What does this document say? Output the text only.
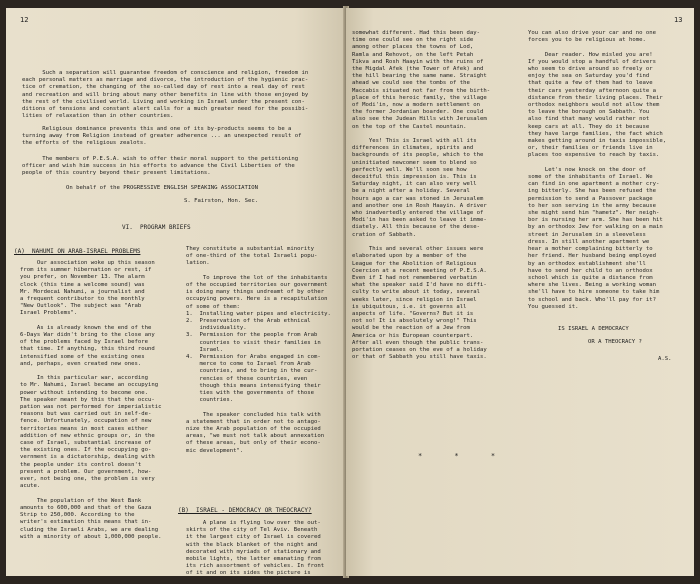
12
Such a separation will guarantee freedom of conscience and religion, freedom in
each personal matters as marriage and divorce, the introduction of the hygienic prac-
tice of cremation, the changing of the so-called day of rest into a real day of rest
and recreation and will bring about many other benefits in line with those enjoyed by
the rest of the civilised world. Living and working in Israel under the present con-
ditions of tensions and constant alert calls for a much greater need for the possibi-
lities of relaxation than in other countries.
Religious dominance prevents this and one of its by-products seems to be a
turning away from Religion instead of greater adherence ... an unexpected result of
the efforts of the religious zealots.
The members of P.E.S.A. wish to offer their moral support to the petitioning
officer and wish him success in his efforts to advance the Civil Liberties of the
people of this country beyond their present limitations.
On behalf of the PROGRESSIVE ENGLISH SPEAKING ASSOCIATION
S. Fairston, Hon. Sec.
VI.  PROGRAM BRIEFS
(A)  NAHUMI ON ARAB-ISRAEL PROBLEMS
Our association woke up this season
from its summer hibernation or rest, if
you prefer, on November 13. The alarm
clock (this time a welcome sound) was
Mr. Mordecai Nahumi, a journalist and
a frequent contributor to the monthly
"New Outlook". The subject was "Arab
Israel Problems".

As is already known the end of the
6-Days War didn't bring to the close any
of the problems faced by Israel before
that time. If anything, this third round
intensified some of the existing ones
and, perhaps, even created new ones.

In this particular war, according
to Mr. Nahumi, Israel became an occupying
power without intending to become one.
The speaker meant by this that the occu-
pation was not performed for imperialistic
reasons but was carried out in self-de-
fence. Unfortunately, occupation of new
territories means in most cases either
addition of new ethnic groups or, in the
case of Israel, substantial increase of
the existing ones. If the occupying go-
vernment is a dictatorship, dealing with
the people under its control doesn't
present a problem. Our government, how-
ever, not being one, the problem is very
acute.

The population of the West Bank
amounts to 600,000 and that of the Gaza
Strip to 250,000. According to the
writer's estimation this means that in-
cluding the Israeli Arabs, we are dealing
with a minority of about 1,000,000 people.
They constitute a substantial minority
of one-third of the total Israeli popu-
lation.

To improve the lot of the inhabitants
of the occupied territories our government
is doing many things undreamt of by other
occupying powers. Here is a recapitulation
of some of them:
1.  Installing water pipes and electricity.
2.  Preservation of the Arab ethnical
individuality.
3.  Permission for the people from Arab
countries to visit their families in
Israel.
4.  Permission for Arabs engaged in com-
merce to come to Israel from Arab
countries, and to bring in the cur-
rencies of these countries, even
though this means intensifying their
ties with the governments of those
countries.

The speaker concluded his talk with
a statement that in order not to antago-
nize the Arab population of the occupied
areas, "we must not talk about annexation
of these areas, but only of their econo-
mic development".
(B)  ISRAEL - DEMOCRACY OR THEOCRACY?
A plane is flying low over the out-
skirts of the city of Tel Aviv. Beneath
it the largest city of Israel is covered
with the black blanket of the night and
decorated with myriads of stationary and
mobile lights, the latter emanating from
its rich assortment of vehicles. In front
of it and on its sides the picture is
13
somewhat different. Had this been day-
time one could see on the right side
among other places the towns of Lod,
Ramla and Rehovot, on the left Petah
Tikva and Rosh Haayin with the ruins of
the Migdal Afek (the Tower of Afek) and
the hill bearing the same name. Straight
ahead we could see the tombs of the
Maccabis situated not far from the birth-
place of this heroic family, the village
of Modi'in, now a modern settlement on
the former Jordanian boarder. One could
also see the Judean Hills with Jerusalem
on the top of the Castel mountain.

Yes! This is Israel with all its
differences in climates, spirits and
backgrounds of its people, which to the
uninitiated newcomer seem to blend so
perfectly well. We'll soon see how
deceitful this impression is. This is
Saturday night, it can also very well
be a night after a holiday. Several
hours ago a car was stoned in Jerusalem
and another one in Rosh Haayin. A driver
who inadvertedly entered the village of
Modi'in has been asked to leave it imme-
diately. All this because of the dese-
cration of Sabbath.

This and several other issues were
elaborated upon by a member of the
League for the Abolition of Religious
Coercion at a recent meeting of P.E.S.A.
Even if I had not remembered verbatim
what the speaker said I'd have no diffi-
culty to write about it today, several
weeks later, since religion in Israel
is ubiquitous, i.e. it governs all
aspects of life. "Governs? But it is
not so! It is absolutely wrong!" This
would be the reaction of a Jew from
America or his European counterpart.
After all even though the public trans-
portation ceases on the eve of a holiday
or that of Sabbath you still have taxis.
* * *
You can also drive your car and no one
forces you to be religious at home.

Dear reader. How misled you are!
If you would stop a handful of drivers
who seem to drive around so freely or
enjoy the sea on Saturday you'd find
that quite a few of them had to leave
their cars yesterday afternoon quite a
distance from their living places. Their
orthodox neighbors would not allow them
to leave the borough on Sabbath. You
also find that many would rather not
keep cars at all. They do it because
they have large families, the fact which
makes getting around in taxis impossible,
or, their families or friends live in
places too expensive to reach by taxis.

Let's now knock on the door of
some of the inhabitants of Israel. We
can find in one apartment a mother cry-
ing bitterly. She has been refused the
permission to send a Passover package
to her son serving in the army because
she might send him "hametz". Her neigh-
bor is nursing her arm. She has been hit
by an orthodox Jew for walking on a main
street in Jerusalem in a sleeveless
dress. In still another apartment we
hear a mother complaining bitterly to
her friend. Her husband being employed
by an orthodox establishment she'll
have to send her child to an orthodox
school which is quite a distance from
where she lives. Being a working woman
she'll have to hire someone to take him
to school and back. Who'll pay for it?
You guessed it.
IS ISRAEL A DEMOCRACY
OR A THEOCRACY ?
A.S.
